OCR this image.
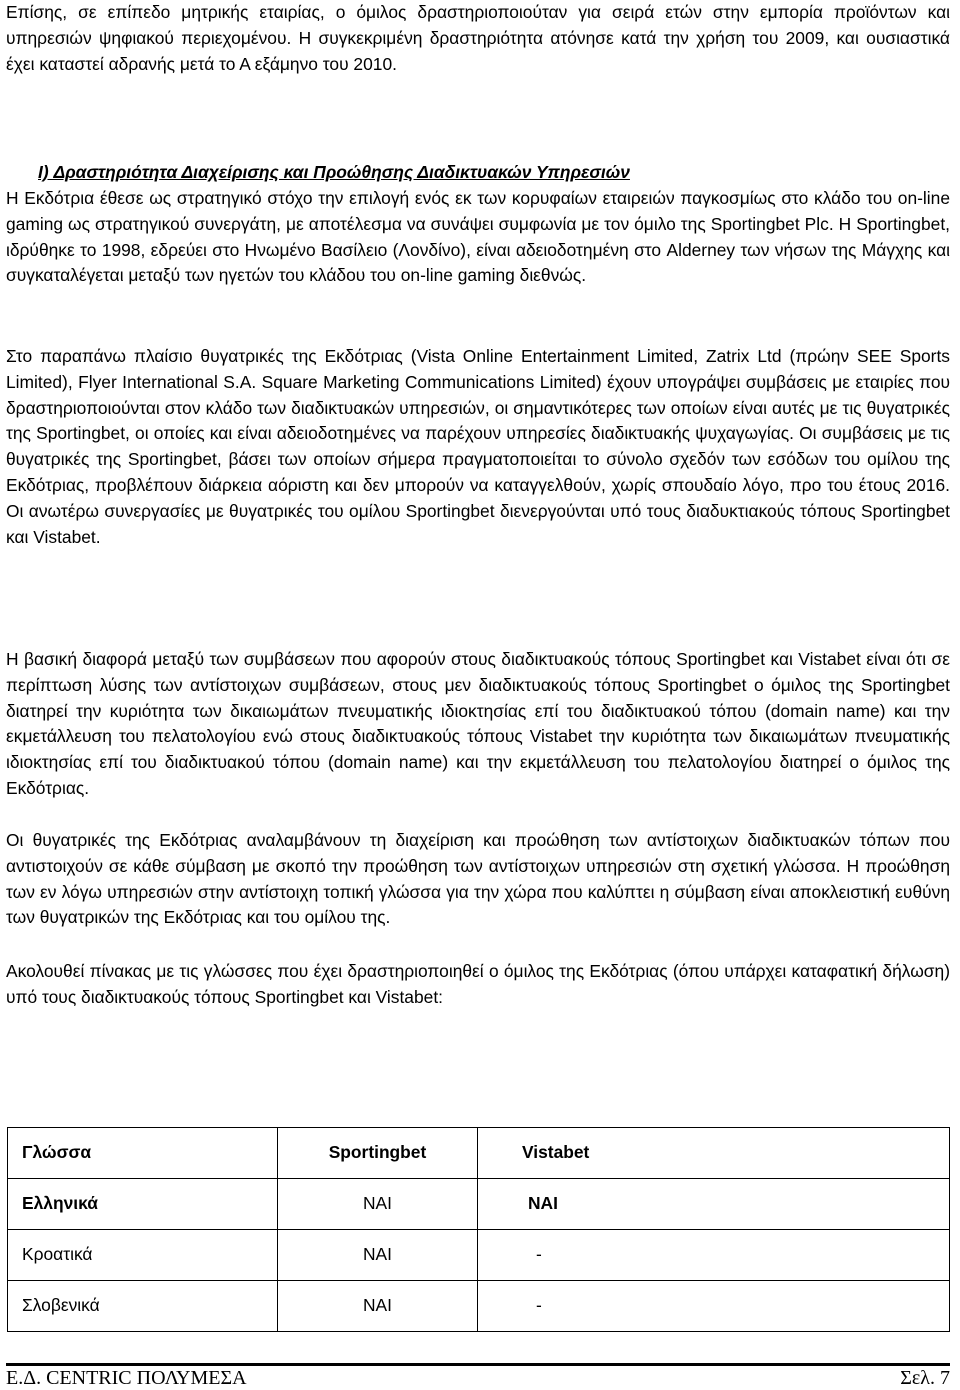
Επίσης, σε επίπεδο μητρικής εταιρίας, ο όμιλος δραστηριοποιούταν για σειρά ετών στην εμπορία προϊόντων και υπηρεσιών ψηφιακού περιεχομένου. Η συγκεκριμένη δραστηριότητα ατόνησε κατά την χρήση του 2009, και ουσιαστικά έχει καταστεί αδρανής μετά το Α εξάμηνο του 2010.

I) Δραστηριότητα Διαχείρισης και Προώθησης Διαδικτυακών Υπηρεσιών

Η Εκδότρια έθεσε ως στρατηγικό στόχο την επιλογή ενός εκ των κορυφαίων εταιρειών παγκοσμίως στο κλάδο του on-line gaming ως στρατηγικού συνεργάτη, με αποτέλεσμα να συνάψει συμφωνία με τον όμιλο της Sportingbet Plc. Η Sportingbet, ιδρύθηκε το 1998, εδρεύει στο Ηνωμένο Βασίλειο (Λονδίνο), είναι αδειοδοτημένη στο Alderney των νήσων της Μάγχης και συγκαταλέγεται μεταξύ των ηγετών του κλάδου του on-line gaming διεθνώς.

Στο παραπάνω πλαίσιο θυγατρικές της Εκδότριας (Vista Online Entertainment Limited, Zatrix Ltd (πρώην SEE Sports Limited), Flyer International S.A. Square Marketing Communications Limited) έχουν υπογράψει συμβάσεις με εταιρίες που δραστηριοποιούνται στον κλάδο των διαδικτυακών υπηρεσιών, οι σημαντικότερες των οποίων είναι αυτές με τις θυγατρικές της Sportingbet, οι οποίες και είναι αδειοδοτημένες να παρέχουν υπηρεσίες διαδικτυακής ψυχαγωγίας. Οι συμβάσεις με τις θυγατρικές της Sportingbet, βάσει των οποίων σήμερα πραγματοποιείται το σύνολο σχεδόν των εσόδων του ομίλου της Εκδότριας, προβλέπουν διάρκεια αόριστη και δεν μπορούν να καταγγελθούν, χωρίς σπουδαίο λόγο, προ του έτους 2016. Οι ανωτέρω συνεργασίες με θυγατρικές του ομίλου Sportingbet διενεργούνται υπό τους διαδυκτιακούς τόπους Sportingbet και Vistabet.

Η βασική διαφορά μεταξύ των συμβάσεων που αφορούν στους διαδικτυακούς τόπους Sportingbet και Vistabet είναι ότι σε περίπτωση λύσης των αντίστοιχων συμβάσεων, στους μεν διαδικτυακούς τόπους Sportingbet ο όμιλος της Sportingbet διατηρεί την κυριότητα των δικαιωμάτων πνευματικής ιδιοκτησίας επί του διαδικτυακού τόπου (domain name) και την εκμετάλλευση του πελατολογίου ενώ στους διαδικτυακούς τόπους Vistabet την κυριότητα των δικαιωμάτων πνευματικής ιδιοκτησίας επί του διαδικτυακού τόπου (domain name) και την εκμετάλλευση του πελατολογίου διατηρεί ο όμιλος της Εκδότριας.

Οι θυγατρικές της Εκδότριας αναλαμβάνουν τη διαχείριση και προώθηση των αντίστοιχων διαδικτυακών τόπων που αντιστοιχούν σε κάθε σύμβαση με σκοπό την προώθηση των αντίστοιχων υπηρεσιών στη σχετική γλώσσα. Η προώθηση των εν λόγω υπηρεσιών στην αντίστοιχη τοπική γλώσσα για την χώρα που καλύπτει η σύμβαση είναι αποκλειστική ευθύνη των θυγατρικών της Εκδότριας και του ομίλου της.

Ακολουθεί πίνακας με τις γλώσσες που έχει δραστηριοποιηθεί ο όμιλος της Εκδότριας (όπου υπάρχει καταφατική δήλωση) υπό τους διαδικτυακούς τόπους Sportingbet και Vistabet:

Γλώσσα	Sportingbet	Vistabet
Ελληνικά	ΝΑΙ	ΝΑΙ
Κροατικά	ΝΑΙ	-
Σλοβενικά	ΝΑΙ	-
Ε.Δ. CENTRIC ΠΟΛΥΜΕΣΑ	Σελ. 7
